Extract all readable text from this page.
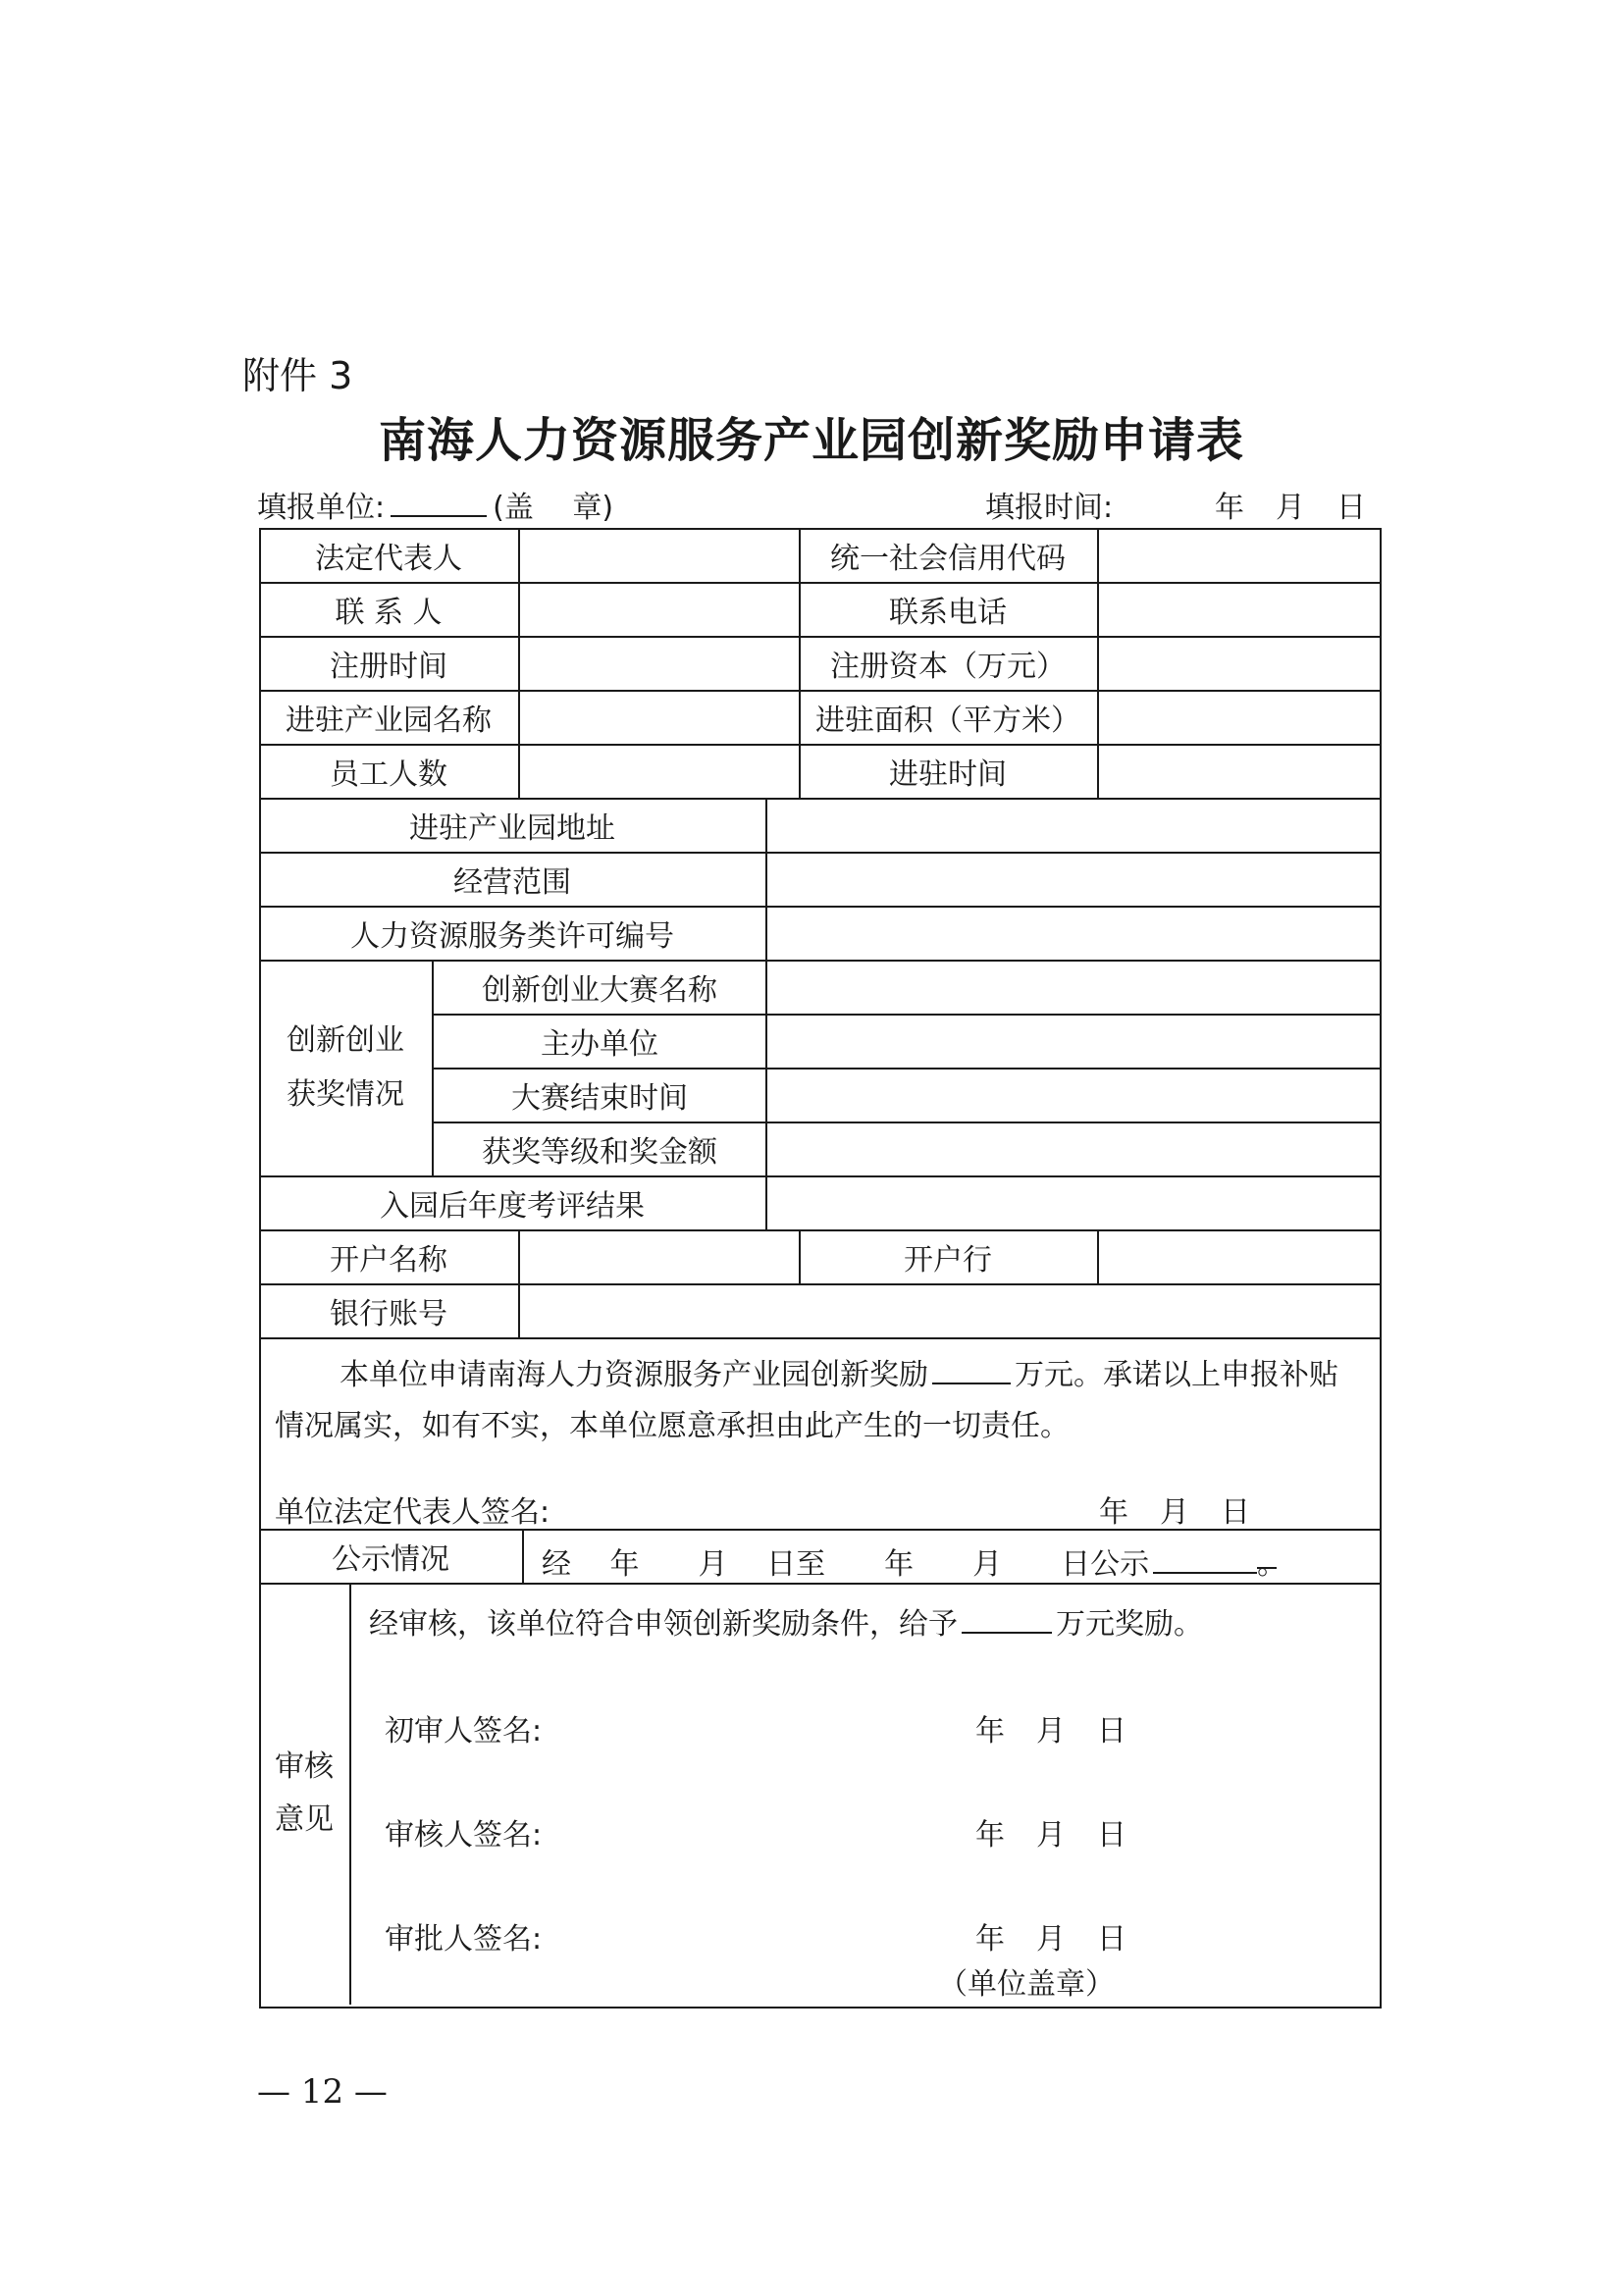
附件 3
南海人力资源服务产业园创新奖励申请表
填报单位:	(盖　 章)	填报时间:	年 月 日
法定代表人	统一社会信用代码
联 系 人	联系电话
注册时间	注册资本（万元）
进驻产业园名称	进驻面积（平方米）
员工人数	进驻时间
进驻产业园地址
经营范围
人力资源服务类许可编号
创新创业
获奖情况
创新创业大赛名称
主办单位
大赛结束时间
获奖等级和奖金额
入园后年度考评结果
开户名称	开户行
银行账号
本单位申请南海人力资源服务产业园创新奖励	万元。承诺以上申报补贴
情况属实，如有不实，本单位愿意承担由此产生的一切责任。
单位法定代表人签名:	年 月 日
公示情况	经　 年　　月　 日至　　年　　月　　日公示	。
审核
意见
经审核，该单位符合申领创新奖励条件，给予	万元奖励。
初审人签名:	年 月 日
审核人签名:	年 月 日
审批人签名:	年 月 日
（单位盖章）
— 12 —
